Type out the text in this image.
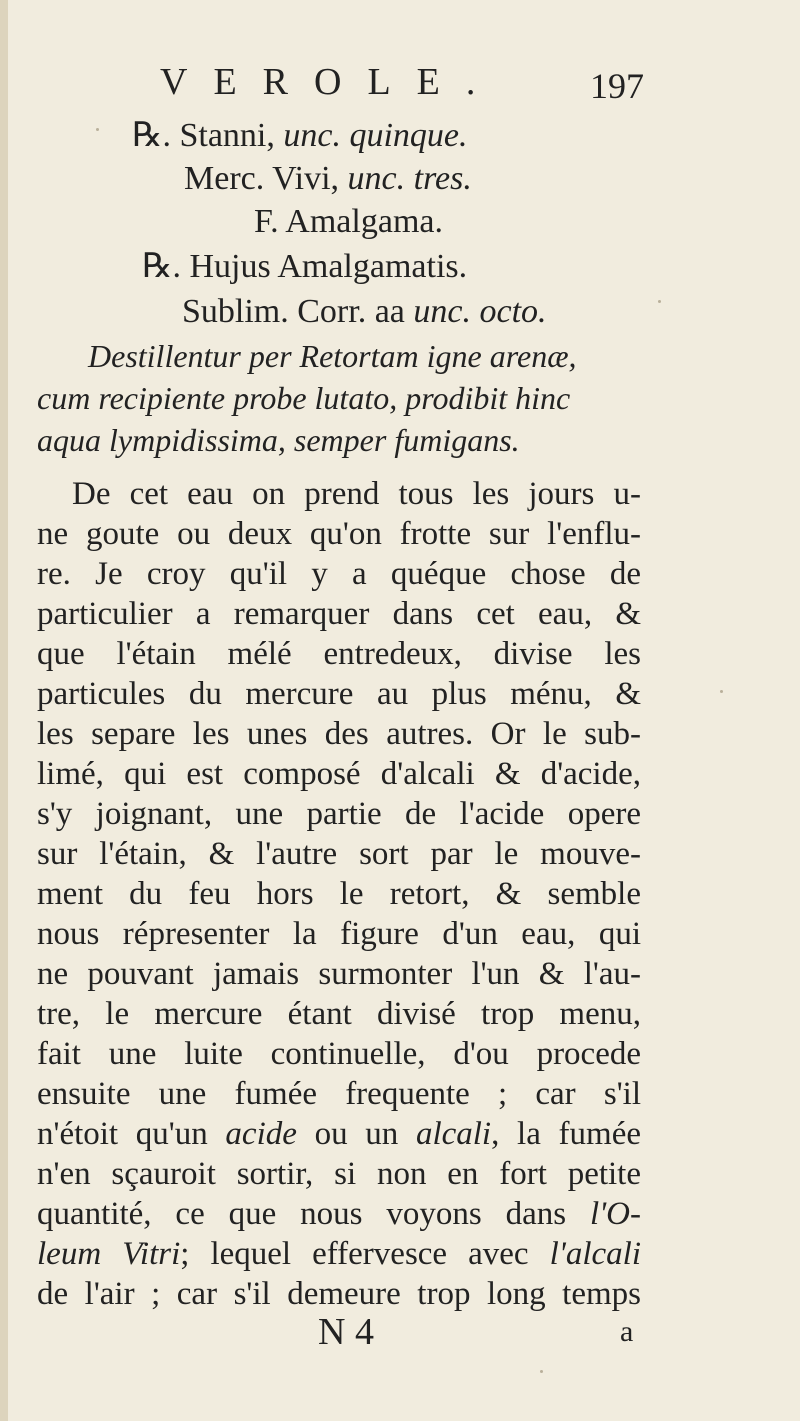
VEROLE. 197
℞. Stanni, unc. quinque.
Merc. Vivi, unc. tres.
F. Amalgama.
℞. Hujus Amalgamatis.
Sublim. Corr. aa unc. octo.
Destillentur per Retortam igne arenæ,
cum recipiente probe lutato, prodibit hinc
aqua lympidissima, semper fumigans.
De cet eau on prend tous les jours u-
ne goute ou deux qu'on frotte sur l'enflu-
re. Je croy qu'il y a quéque chose de
particulier a remarquer dans cet eau, &
que l'étain mélé entredeux, divise les
particules du mercure au plus ménu, &
les separe les unes des autres. Or le sub-
limé, qui est composé d'alcali & d'acide,
s'y joignant, une partie de l'acide opere
sur l'étain, & l'autre sort par le mouve-
ment du feu hors le retort, & semble
nous répresenter la figure d'un eau, qui
ne pouvant jamais surmonter l'un & l'au-
tre, le mercure étant divisé trop menu,
fait une luite continuelle, d'ou procede
ensuite une fumée frequente ; car s'il
n'étoit qu'un acide ou un alcali, la fumée
n'en sçauroit sortir, si non en fort petite
quantité, ce que nous voyons dans l'O-
leum Vitri; lequel effervesce avec l'alcali
de l'air ; car s'il demeure trop long temps
N 4	a
